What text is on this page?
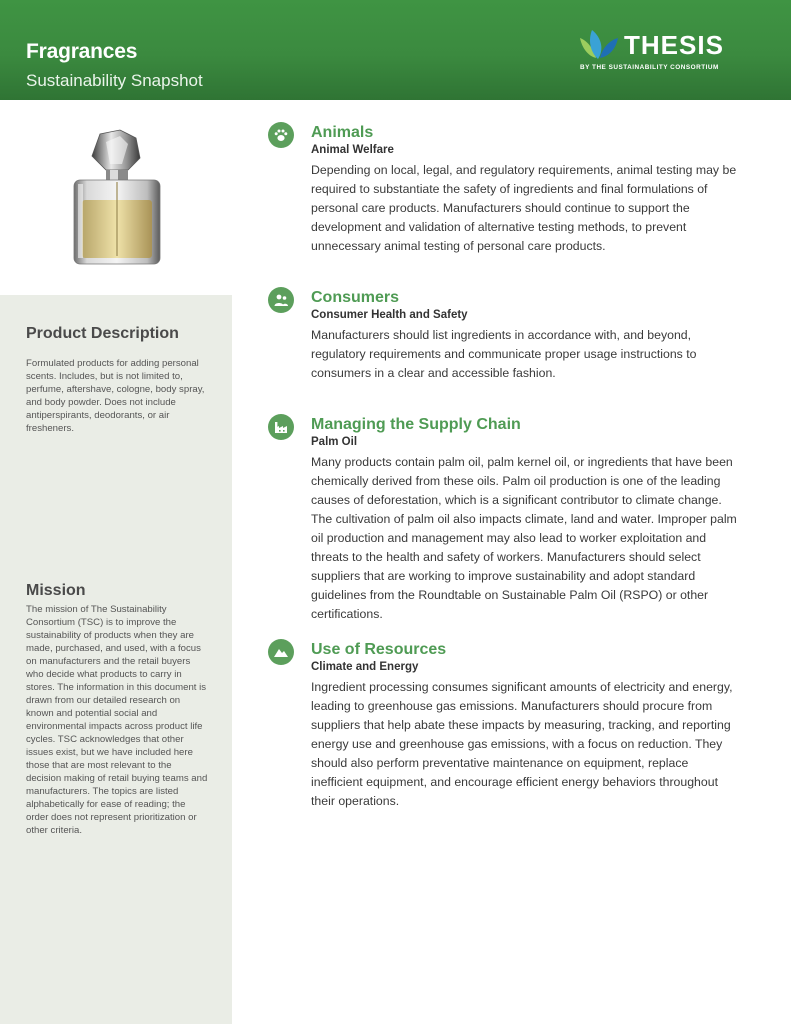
Fragrances
Sustainability Snapshot
THESIS
BY THE SUSTAINABILITY CONSORTIUM
Product Description
Formulated products for adding personal scents. Includes, but is not limited to, perfume, aftershave, cologne, body spray, and body powder. Does not include antiperspirants, deodorants, or air fresheners.
Mission
The mission of The Sustainability Consortium (TSC) is to improve the sustainability of products when they are made, purchased, and used, with a focus on manufacturers and the retail buyers who decide what products to carry in stores. The information in this document is drawn from our detailed research on known and potential social and environmental impacts across product life cycles. TSC acknowledges that other issues exist, but we have included here those that are most relevant to the decision making of retail buying teams and manufacturers. The topics are listed alphabetically for ease of reading; the order does not represent prioritization or other criteria.
Animals
Animal Welfare
Depending on local, legal, and regulatory requirements, animal testing may be required to substantiate the safety of ingredients and final formulations of personal care products. Manufacturers should continue to support the development and validation of alternative testing methods, to prevent unnecessary animal testing of personal care products.
Consumers
Consumer Health and Safety
Manufacturers should list ingredients in accordance with, and beyond, regulatory requirements and communicate proper usage instructions to consumers in a clear and accessible fashion.
Managing the Supply Chain
Palm Oil
Many products contain palm oil, palm kernel oil, or ingredients that have been chemically derived from these oils. Palm oil production is one of the leading causes of deforestation, which is a significant contributor to climate change. The cultivation of palm oil also impacts climate, land and water. Improper palm oil production and management may also lead to worker exploitation and threats to the health and safety of workers. Manufacturers should select suppliers that are working to improve sustainability and adopt standard guidelines from the Roundtable on Sustainable Palm Oil (RSPO) or other certifications.
Use of Resources
Climate and Energy
Ingredient processing consumes significant amounts of electricity and energy, leading to greenhouse gas emissions. Manufacturers should procure from suppliers that help abate these impacts by measuring, tracking, and reporting energy use and greenhouse gas emissions, with a focus on reduction. They should also perform preventative maintenance on equipment, replace inefficient equipment, and encourage efficient energy behaviors throughout their operations.
